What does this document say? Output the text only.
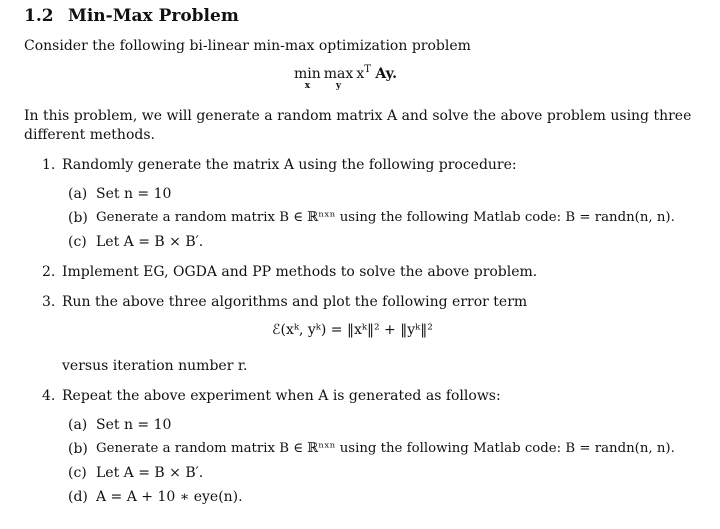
1.2 Min-Max Problem
Consider the following bi-linear min-max optimization problem
min
x
max
y
$x^T$ Ay.
In this problem, we will generate a random matrix A and solve the above problem using three
different methods.
1. Randomly generate the matrix A using the following procedure:
(a) Set n = 10
(b) Generate a random matrix B ∈ ℝⁿˣⁿ using the following Matlab code: B = randn(n, n).
(c) Let A = B × B′.
2. Implement EG, OGDA and PP methods to solve the above problem.
3. Run the above three algorithms and plot the following error term
ℰ(xᵏ, yᵏ) = ‖xᵏ‖² + ‖yᵏ‖²
versus iteration number r.
4. Repeat the above experiment when A is generated as follows:
(a) Set n = 10
(b) Generate a random matrix B ∈ ℝⁿˣⁿ using the following Matlab code: B = randn(n, n).
(c) Let A = B × B′.
(d) A = A + 10 ∗ eye(n).
